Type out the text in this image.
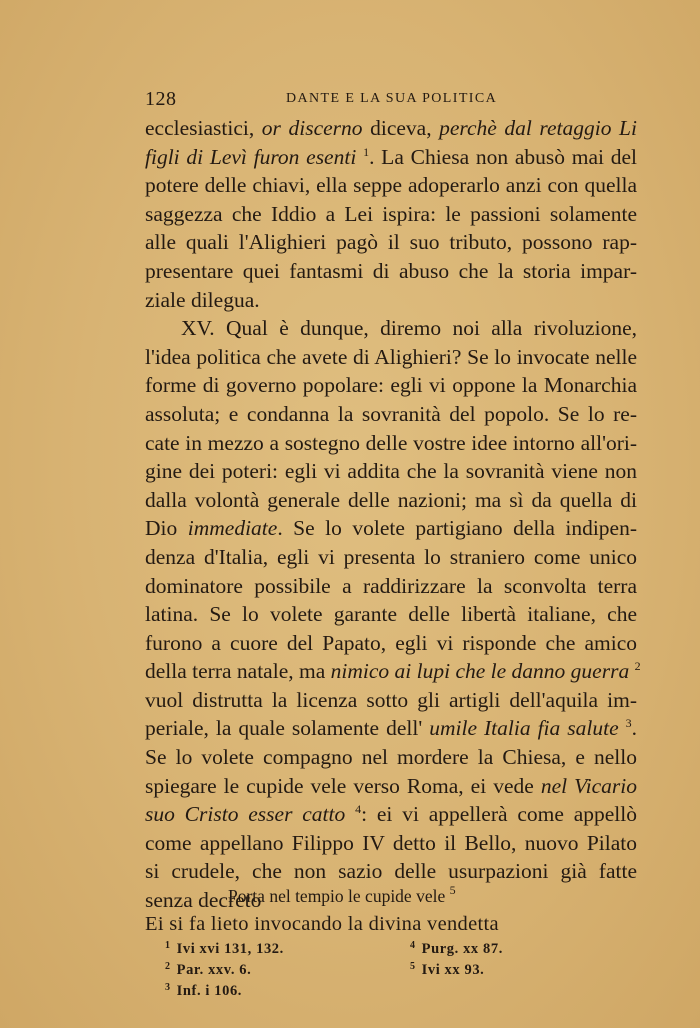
128	DANTE E LA SUA POLITICA
ecclesiastici, or discerno diceva, perchè dal retaggio Li
figli di Levì furon esenti $^1$. La Chiesa non abusò mai del
potere delle chiavi, ella seppe adoperarlo anzi con quella
saggezza che Iddio a Lei ispira: le passioni solamente
alle quali l'Alighieri pagò il suo tributo, possono rap-
presentare quei fantasmi di abuso che la storia impar-
ziale dilegua.
XV. Qual è dunque, diremo noi alla rivoluzione,
l'idea politica che avete di Alighieri? Se lo invocate nelle
forme di governo popolare: egli vi oppone la Monarchia
assoluta; e condanna la sovranità del popolo. Se lo re-
cate in mezzo a sostegno delle vostre idee intorno all'ori-
gine dei poteri: egli vi addita che la sovranità viene non
dalla volontà generale delle nazioni; ma sì da quella di
Dio immediate. Se lo volete partigiano della indipen-
denza d'Italia, egli vi presenta lo straniero come unico
dominatore possibile a raddirizzare la sconvolta terra
latina. Se lo volete garante delle libertà italiane, che
furono a cuore del Papato, egli vi risponde che amico
della terra natale, ma nimico ai lupi che le danno guerra $^2$
vuol distrutta la licenza sotto gli artigli dell'aquila im-
periale, la quale solamente dell' umile Italia fia salute $^3$.
Se lo volete compagno nel mordere la Chiesa, e nello
spiegare le cupide vele verso Roma, ei vede nel Vicario
suo Cristo esser catto $^4$: ei vi appellerà come appellò
come appellano Filippo IV detto il Bello, nuovo Pilato
si crudele, che non sazio delle usurpazioni già fatte
senza decreto
Porta nel tempio le cupide vele $^5$
Ei si fa lieto invocando la divina vendetta
$^1$ Ivi xvi 131, 132.
$^2$ Par. xxv. 6.
$^3$ Inf. i 106.
$^4$ Purg. xx 87.
$^5$ Ivi xx 93.
